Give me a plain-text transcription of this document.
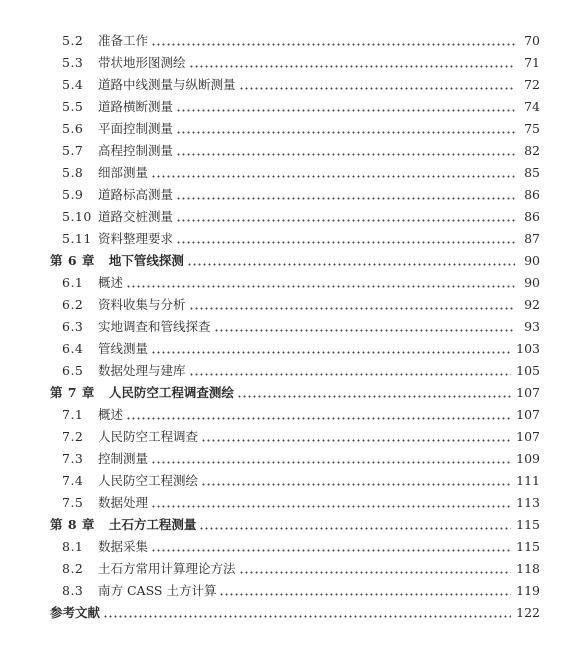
5.2	准备工作	70
5.3	带状地形图测绘	71
5.4	道路中线测量与纵断测量	72
5.5	道路横断测量	74
5.6	平面控制测量	75
5.7	高程控制测量	82
5.8	细部测量	85
5.9	道路标高测量	86
5.10 道路交桩测量	86
5.11 资料整理要求	87
第 6 章 地下管线探测	90
6.1	概述	90
6.2	资料收集与分析	92
6.3	实地调查和管线探查	93
6.4	管线测量	103
6.5	数据处理与建库	105
第 7 章 人民防空工程调查测绘	107
7.1	概述	107
7.2	人民防空工程调查	107
7.3	控制测量	109
7.4	人民防空工程测绘	111
7.5	数据处理	113
第 8 章 土石方工程测量	115
8.1	数据采集	115
8.2	土石方常用计算理论方法	118
8.3	南方 CASS 土方计算	119
参考文献	122
